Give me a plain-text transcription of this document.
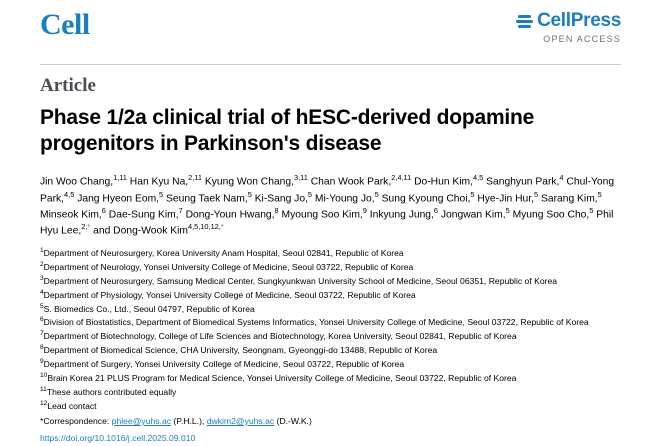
Cell	CellPress
OPEN ACCESS
Article
Phase 1/2a clinical trial of hESC-derived dopamine progenitors in Parkinson's disease
Jin Woo Chang,$^{1,11}$ Han Kyu Na,$^{2,11}$ Kyung Won Chang,$^{3,11}$ Chan Wook Park,$^{2,4,11}$ Do-Hun Kim,$^{4,5}$ Sanghyun Park,$^4$ Chul-Yong Park,$^{4,5}$ Jang Hyeon Eom,$^5$ Seung Taek Nam,$^5$ Ki-Sang Jo,$^5$ Mi-Young Jo,$^5$ Sung Kyoung Choi,$^5$ Hye-Jin Hur,$^5$ Sarang Kim,$^5$ Minseok Kim,$^6$ Dae-Sung Kim,$^7$ Dong-Youn Hwang,$^8$ Myoung Soo Kim,$^9$ Inkyung Jung,$^6$ Jongwan Kim,$^5$ Myung Soo Cho,$^5$ Phil Hyu Lee,$^{2,*}$ and Dong-Wook Kim$^{4,5,10,12,*}$

$^1$Department of Neurosurgery, Korea University Anam Hospital, Seoul 02841, Republic of Korea

$^2$Department of Neurology, Yonsei University College of Medicine, Seoul 03722, Republic of Korea

$^3$Department of Neurosurgery, Samsung Medical Center, Sungkyunkwan University School of Medicine, Seoul 06351, Republic of Korea

$^4$Department of Physiology, Yonsei University College of Medicine, Seoul 03722, Republic of Korea

$^5$S. Biomedics Co., Ltd., Seoul 04797, Republic of Korea

$^6$Division of Biostatistics, Department of Biomedical Systems Informatics, Yonsei University College of Medicine, Seoul 03722, Republic of Korea

$^7$Department of Biotechnology, College of Life Sciences and Biotechnology, Korea University, Seoul 02841, Republic of Korea

$^8$Department of Biomedical Science, CHA University, Seongnam, Gyeonggi-do 13488, Republic of Korea

$^9$Department of Surgery, Yonsei University College of Medicine, Seoul 03722, Republic of Korea

$^{10}$Brain Korea 21 PLUS Program for Medical Science, Yonsei University College of Medicine, Seoul 03722, Republic of Korea

$^{11}$These authors contributed equally

$^{12}$Lead contact

*Correspondence: phlee@yuhs.ac (P.H.L.), dwkim2@yuhs.ac (D.-W.K.)
https://doi.org/10.1016/j.cell.2025.09.010
